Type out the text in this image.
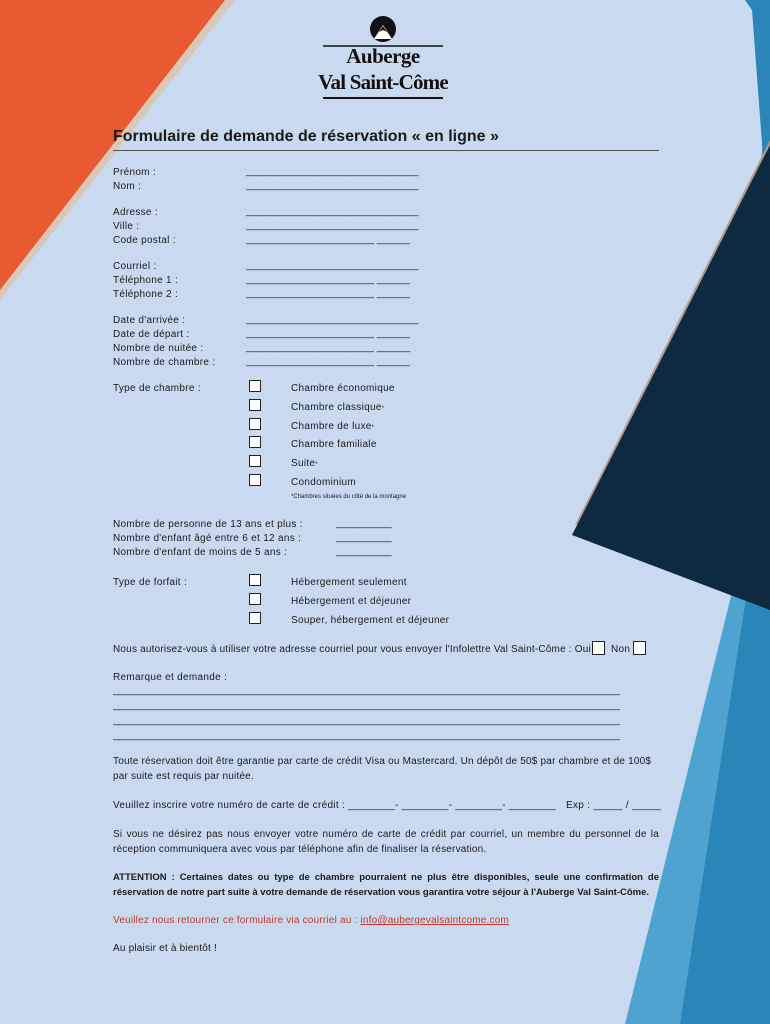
Auberge
Val Saint-Côme
Formulaire de demande de réservation « en ligne »
Prénom :	_______________________________
Nom :	_______________________________
Adresse :	_______________________________
Ville :	_______________________________
Code postal :	_______________________ ______
Courriel :	_______________________________
Téléphone 1 :	_______________________ ______
Téléphone 2 :	_______________________ ______
Date d'arrivée :	_______________________________
Date de départ :	_______________________ ______
Nombre de nuitée :	_______________________ ______
Nombre de chambre :	_______________________ ______
Type de chambre :	Chambre économique
Chambre classique*
Chambre de luxe*
Chambre familiale
Suite*
Condominium
*Chambres situées du côté de la montagne
Nombre de personne de 13 ans et plus :	__________
Nombre d'enfant âgé entre 6 et 12 ans :	__________
Nombre d'enfant de moins de 5 ans :	__________
Type de forfait :	Hébergement seulement
Hébergement et déjeuner
Souper, hébergement et déjeuner
Nous autorisez-vous à utiliser votre adresse courriel pour vous envoyer l'Infolettre Val Saint-Côme : Oui Non
Remarque et demande :
____________________________________________________________________________________________________
____________________________________________________________________________________________________
____________________________________________________________________________________________________
____________________________________________________________________________________________________
Toute réservation doit être garantie par carte de crédit Visa ou Mastercard. Un dépôt de 50$ par chambre et de 100$ par suite est requis par nuitée.
Veuillez inscrire votre numéro de carte de crédit : ________- ________- ________- ________ Exp : _____ / _____
Si vous ne désirez pas nous envoyer votre numéro de carte de crédit par courriel, un membre du personnel de la réception communiquera avec vous par téléphone afin de finaliser la réservation.
ATTENTION : Certaines dates ou type de chambre pourraient ne plus être disponibles, seule une confirmation de réservation de notre part suite à votre demande de réservation vous garantira votre séjour à l'Auberge Val Saint-Côme.
Veuillez nous retourner ce formulaire via courriel au : info@aubergevalsaintcome.com
Au plaisir et à bientôt !
